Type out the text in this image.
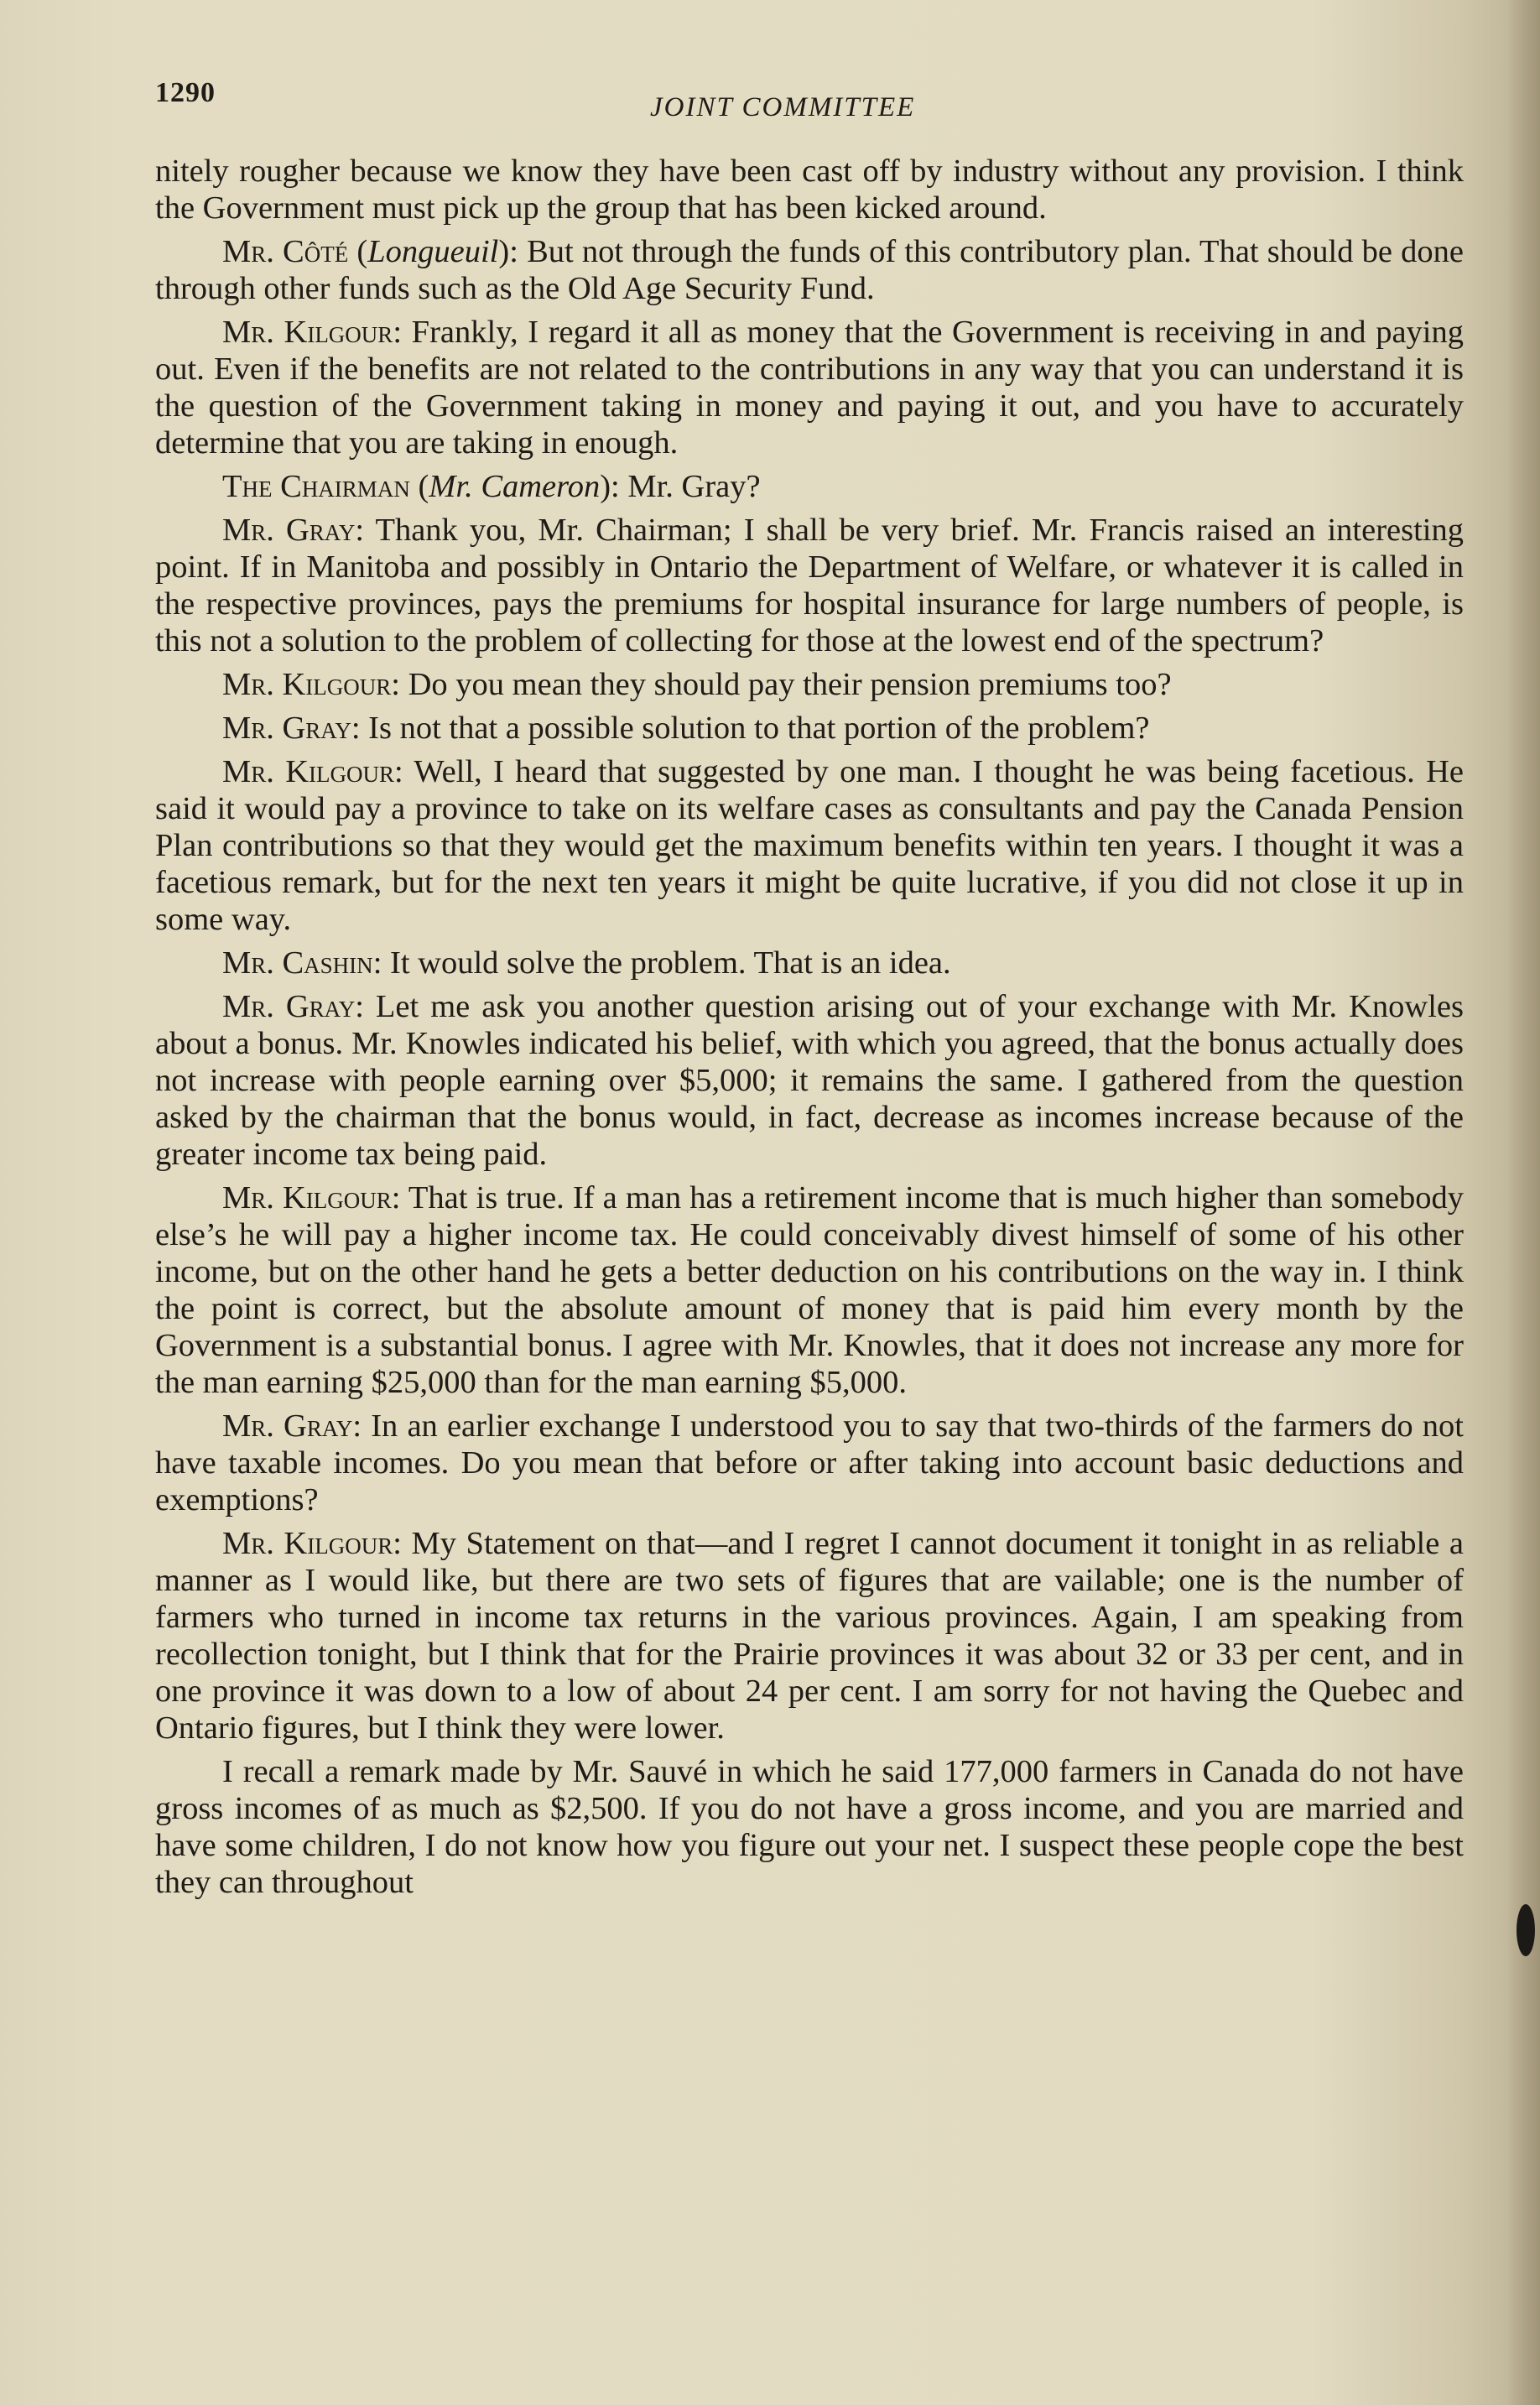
1290	JOINT COMMITTEE

nitely rougher because we know they have been cast off by industry without any provision. I think the Government must pick up the group that has been kicked around.

Mr. Côté (Longueuil): But not through the funds of this contributory plan. That should be done through other funds such as the Old Age Security Fund.

Mr. Kilgour: Frankly, I regard it all as money that the Government is receiving in and paying out. Even if the benefits are not related to the contributions in any way that you can understand it is the question of the Government taking in money and paying it out, and you have to accurately determine that you are taking in enough.

The Chairman (Mr. Cameron): Mr. Gray?

Mr. Gray: Thank you, Mr. Chairman; I shall be very brief. Mr. Francis raised an interesting point. If in Manitoba and possibly in Ontario the Department of Welfare, or whatever it is called in the respective provinces, pays the premiums for hospital insurance for large numbers of people, is this not a solution to the problem of collecting for those at the lowest end of the spectrum?

Mr. Kilgour: Do you mean they should pay their pension premiums too?

Mr. Gray: Is not that a possible solution to that portion of the problem?

Mr. Kilgour: Well, I heard that suggested by one man. I thought he was being facetious. He said it would pay a province to take on its welfare cases as consultants and pay the Canada Pension Plan contributions so that they would get the maximum benefits within ten years. I thought it was a facetious remark, but for the next ten years it might be quite lucrative, if you did not close it up in some way.

Mr. Cashin: It would solve the problem. That is an idea.

Mr. Gray: Let me ask you another question arising out of your exchange with Mr. Knowles about a bonus. Mr. Knowles indicated his belief, with which you agreed, that the bonus actually does not increase with people earning over $5,000; it remains the same. I gathered from the question asked by the chairman that the bonus would, in fact, decrease as incomes increase because of the greater income tax being paid.

Mr. Kilgour: That is true. If a man has a retirement income that is much higher than somebody else’s he will pay a higher income tax. He could conceivably divest himself of some of his other income, but on the other hand he gets a better deduction on his contributions on the way in. I think the point is correct, but the absolute amount of money that is paid him every month by the Government is a substantial bonus. I agree with Mr. Knowles, that it does not increase any more for the man earning $25,000 than for the man earning $5,000.

Mr. Gray: In an earlier exchange I understood you to say that two-thirds of the farmers do not have taxable incomes. Do you mean that before or after taking into account basic deductions and exemptions?

Mr. Kilgour: My Statement on that—and I regret I cannot document it tonight in as reliable a manner as I would like, but there are two sets of figures that are vailable; one is the number of farmers who turned in income tax returns in the various provinces. Again, I am speaking from recollection tonight, but I think that for the Prairie provinces it was about 32 or 33 per cent, and in one province it was down to a low of about 24 per cent. I am sorry for not having the Quebec and Ontario figures, but I think they were lower.

I recall a remark made by Mr. Sauvé in which he said 177,000 farmers in Canada do not have gross incomes of as much as $2,500. If you do not have a gross income, and you are married and have some children, I do not know how you figure out your net. I suspect these people cope the best they can throughout
